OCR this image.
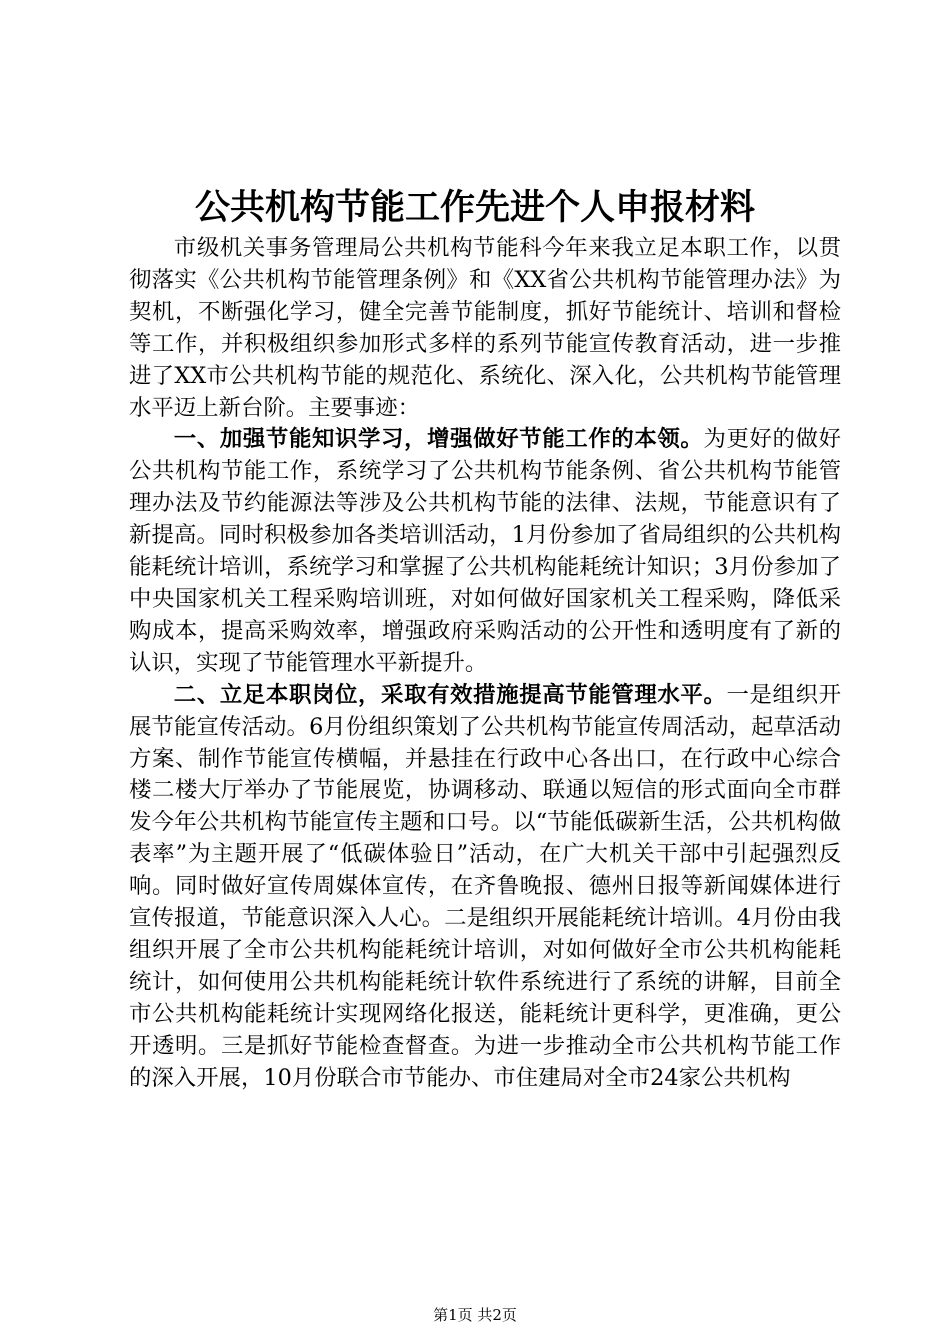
公共机构节能工作先进个人申报材料

市级机关事务管理局公共机构节能科今年来我立足本职工作，以贯彻落实《公共机构节能管理条例》和《XX省公共机构节能管理办法》为契机，不断强化学习，健全完善节能制度，抓好节能统计、培训和督检等工作，并积极组织参加形式多样的系列节能宣传教育活动，进一步推进了XX市公共机构节能的规范化、系统化、深入化，公共机构节能管理水平迈上新台阶。主要事迹：

一、加强节能知识学习，增强做好节能工作的本领。为更好的做好公共机构节能工作，系统学习了公共机构节能条例、省公共机构节能管理办法及节约能源法等涉及公共机构节能的法律、法规，节能意识有了新提高。同时积极参加各类培训活动，1月份参加了省局组织的公共机构能耗统计培训，系统学习和掌握了公共机构能耗统计知识；3月份参加了中央国家机关工程采购培训班，对如何做好国家机关工程采购，降低采购成本，提高采购效率，增强政府采购活动的公开性和透明度有了新的认识，实现了节能管理水平新提升。

二、立足本职岗位，采取有效措施提高节能管理水平。一是组织开展节能宣传活动。6月份组织策划了公共机构节能宣传周活动，起草活动方案、制作节能宣传横幅，并悬挂在行政中心各出口，在行政中心综合楼二楼大厅举办了节能展览，协调移动、联通以短信的形式面向全市群发今年公共机构节能宣传主题和口号。以“节能低碳新生活，公共机构做表率”为主题开展了“低碳体验日”活动，在广大机关干部中引起强烈反响。同时做好宣传周媒体宣传，在齐鲁晚报、德州日报等新闻媒体进行宣传报道，节能意识深入人心。二是组织开展能耗统计培训。4月份由我组织开展了全市公共机构能耗统计培训，对如何做好全市公共机构能耗统计，如何使用公共机构能耗统计软件系统进行了系统的讲解，目前全市公共机构能耗统计实现网络化报送，能耗统计更科学，更准确，更公开透明。三是抓好节能检查督查。为进一步推动全市公共机构节能工作的深入开展，10月份联合市节能办、市住建局对全市24家公共机构

第1页 共2页
